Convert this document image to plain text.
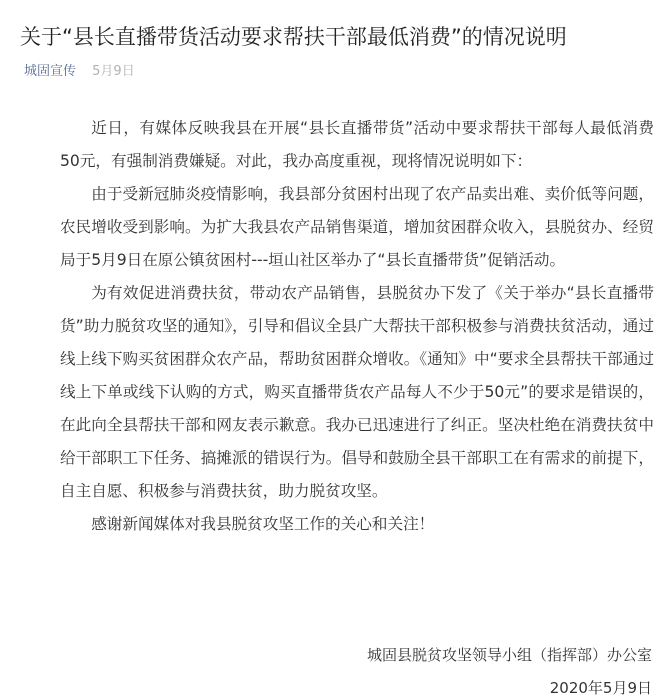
关于“县长直播带货活动要求帮扶干部最低消费”的情况说明
城固宣传 5月9日

近日，有媒体反映我县在开展“县长直播带货”活动中要求帮扶干部每人最低消费50元，有强制消费嫌疑。对此，我办高度重视，现将情况说明如下：

由于受新冠肺炎疫情影响，我县部分贫困村出现了农产品卖出难、卖价低等问题，农民增收受到影响。为扩大我县农产品销售渠道，增加贫困群众收入，县脱贫办、经贸局于5月9日在原公镇贫困村---垣山社区举办了“县长直播带货”促销活动。

为有效促进消费扶贫，带动农产品销售，县脱贫办下发了《关于举办“县长直播带货”助力脱贫攻坚的通知》，引导和倡议全县广大帮扶干部积极参与消费扶贫活动，通过线上线下购买贫困群众农产品，帮助贫困群众增收。《通知》中“要求全县帮扶干部通过线上下单或线下认购的方式，购买直播带货农产品每人不少于50元”的要求是错误的，在此向全县帮扶干部和网友表示歉意。我办已迅速进行了纠正。坚决杜绝在消费扶贫中给干部职工下任务、搞摊派的错误行为。倡导和鼓励全县干部职工在有需求的前提下，自主自愿、积极参与消费扶贫，助力脱贫攻坚。

感谢新闻媒体对我县脱贫攻坚工作的关心和关注！

城固县脱贫攻坚领导小组（指挥部）办公室
2020年5月9日
